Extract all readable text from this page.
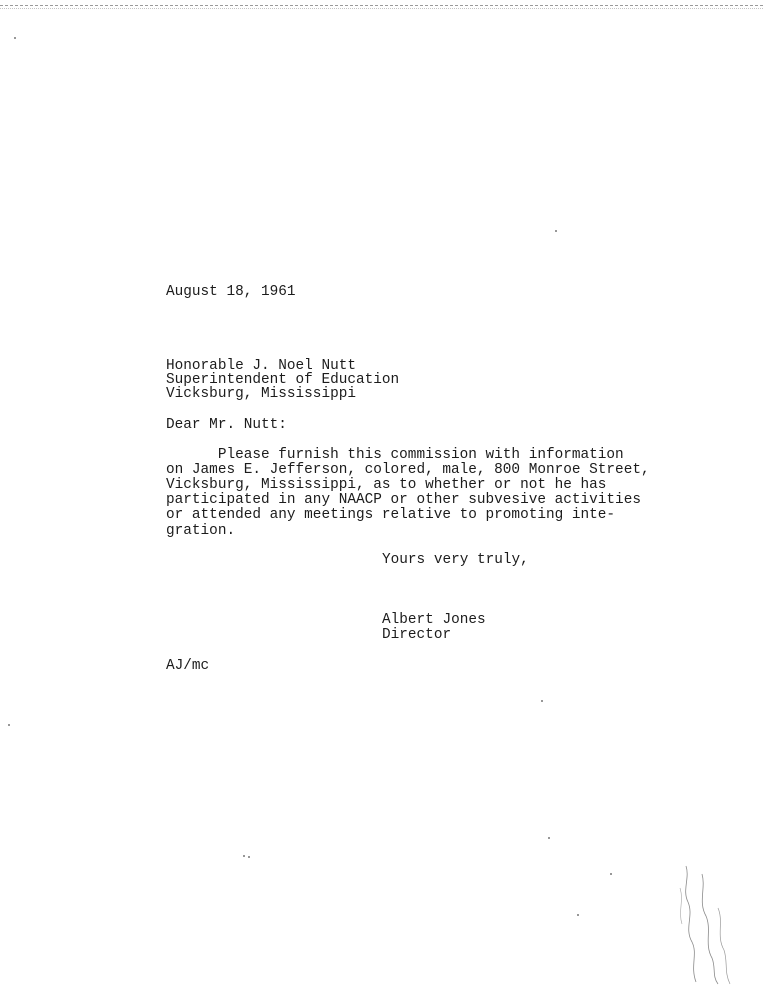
August 18, 1961
Honorable J. Noel Nutt
Superintendent of Education
Vicksburg, Mississippi
Dear Mr. Nutt:
Please furnish this commission with information
on James E. Jefferson, colored, male, 800 Monroe Street,
Vicksburg, Mississippi, as to whether or not he has
participated in any NAACP or other subvesive activities
or attended any meetings relative to promoting inte-
gration.
Yours very truly,
Albert Jones
Director
AJ/mc
